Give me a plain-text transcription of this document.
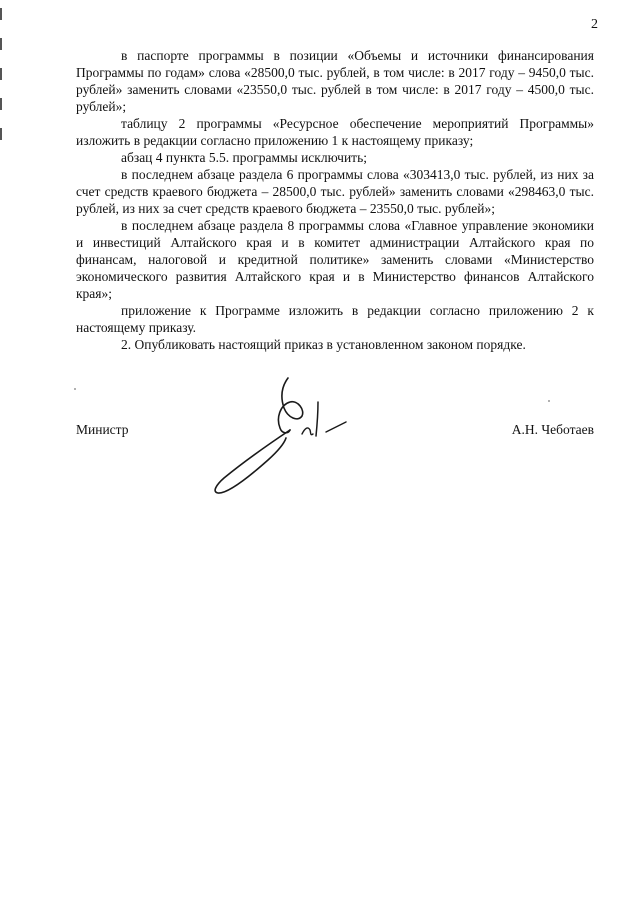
2

в паспорте программы в позиции «Объемы и источники финансирования Программы по годам» слова «28500,0 тыс. рублей, в том числе: в 2017 году – 9450,0 тыс. рублей» заменить словами «23550,0 тыс. рублей в том числе: в 2017 году – 4500,0 тыс. рублей»;

таблицу 2 программы «Ресурсное обеспечение мероприятий Программы» изложить в редакции согласно приложению 1 к настоящему приказу;

абзац 4 пункта 5.5. программы исключить;

в последнем абзаце раздела 6 программы слова «303413,0 тыс. рублей, из них за счет средств краевого бюджета – 28500,0 тыс. рублей» заменить словами «298463,0 тыс. рублей, из них за счет средств краевого бюджета – 23550,0 тыс. рублей»;

в последнем абзаце раздела 8 программы слова «Главное управление экономики и инвестиций Алтайского края и в комитет администрации Алтайского края по финансам, налоговой и кредитной политике» заменить словами «Министерство экономического развития Алтайского края и в Министерство финансов Алтайского края»;

приложение к Программе изложить в редакции согласно приложению 2 к настоящему приказу.

2. Опубликовать настоящий приказ в установленном законом порядке.

Министр	А.Н. Чеботаев
